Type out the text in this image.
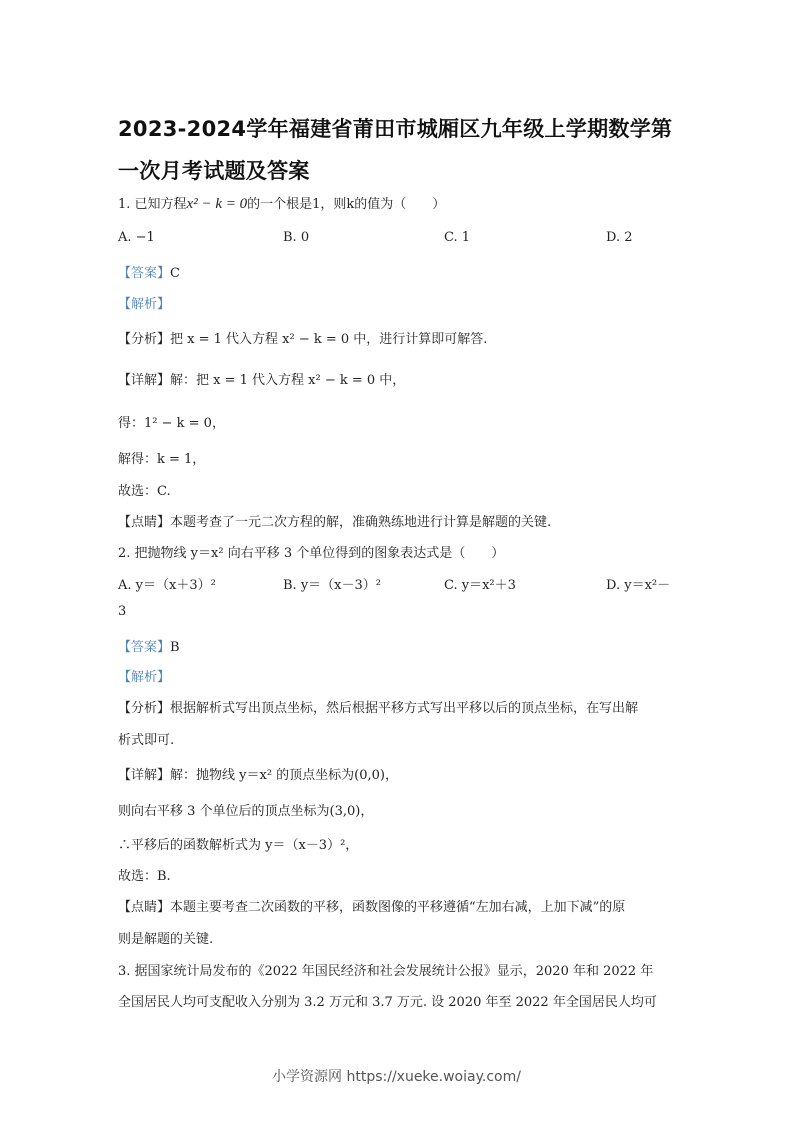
2023-2024学年福建省莆田市城厢区九年级上学期数学第一次月考试题及答案
1. 已知方程x² − k = 0的一个根是1，则k的值为（　　）
A. −1	B. 0	C. 1	D. 2
【答案】C
【解析】
【分析】把 x = 1 代入方程 x² − k = 0 中，进行计算即可解答.
【详解】解：把 x = 1 代入方程 x² − k = 0 中，
得：1² − k = 0，
解得：k = 1，
故选：C.
【点睛】本题考查了一元二次方程的解，准确熟练地进行计算是解题的关键.
2. 把抛物线 y＝x² 向右平移 3 个单位得到的图象表达式是（　　）
A. y＝（x＋3）²	B. y＝（x－3）²	C. y＝x²＋3	D. y＝x²－
3
【答案】B
【解析】
【分析】根据解析式写出顶点坐标，然后根据平移方式写出平移以后的顶点坐标，在写出解
析式即可.
【详解】解：抛物线 y＝x² 的顶点坐标为(0,0)，
则向右平移 3 个单位后的顶点坐标为(3,0)，
∴平移后的函数解析式为 y＝（x－3）²，
故选：B.
【点睛】本题主要考查二次函数的平移，函数图像的平移遵循“左加右减，上加下减”的原
则是解题的关键.
3. 据国家统计局发布的《2022 年国民经济和社会发展统计公报》显示，2020 年和 2022 年
全国居民人均可支配收入分别为 3.2 万元和 3.7 万元. 设 2020 年至 2022 年全国居民人均可
小学资源网 https://xueke.woiay.com/
